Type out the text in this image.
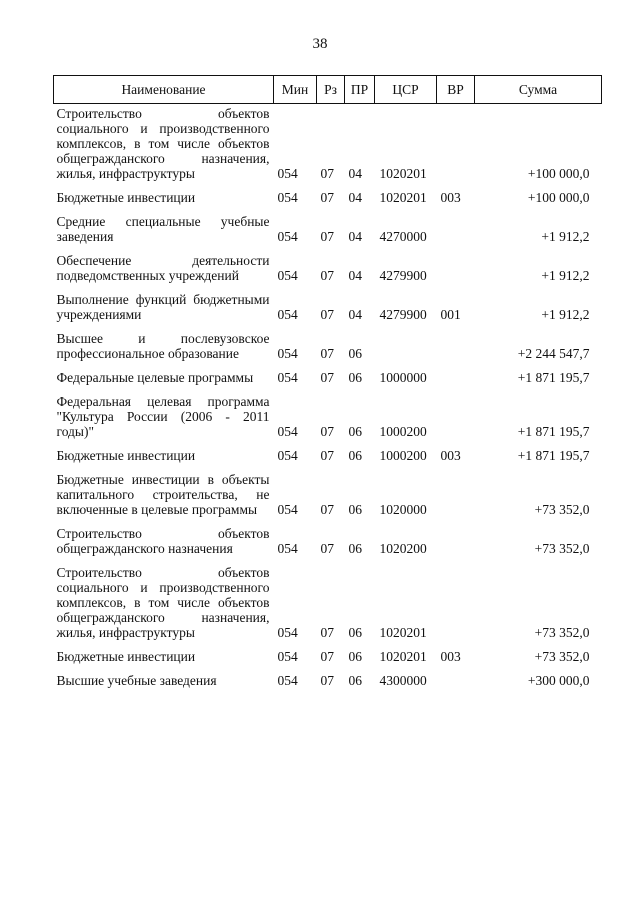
38
Наименование	Мин	Рз	ПР	ЦСР	ВР	Сумма
Строительство объектов социального и производственного комплексов, в том числе объектов общегражданского назначения, жилья, инфраструктуры	054	07	04	1020201		+100 000,0
Бюджетные инвестиции	054	07	04	1020201	003	+100 000,0
Средние специальные учебные заведения	054	07	04	4270000		+1 912,2
Обеспечение деятельности подведомственных учреждений	054	07	04	4279900		+1 912,2
Выполнение функций бюджетными учреждениями	054	07	04	4279900	001	+1 912,2
Высшее и послевузовское профессиональное образование	054	07	06			+2 244 547,7
Федеральные целевые программы	054	07	06	1000000		+1 871 195,7
Федеральная целевая программа "Культура России (2006 - 2011 годы)"	054	07	06	1000200		+1 871 195,7
Бюджетные инвестиции	054	07	06	1000200	003	+1 871 195,7
Бюджетные инвестиции в объекты капитального строительства, не включенные в целевые программы	054	07	06	1020000		+73 352,0
Строительство объектов общегражданского назначения	054	07	06	1020200		+73 352,0
Строительство объектов социального и производственного комплексов, в том числе объектов общегражданского назначения, жилья, инфраструктуры	054	07	06	1020201		+73 352,0
Бюджетные инвестиции	054	07	06	1020201	003	+73 352,0
Высшие учебные заведения	054	07	06	4300000		+300 000,0
